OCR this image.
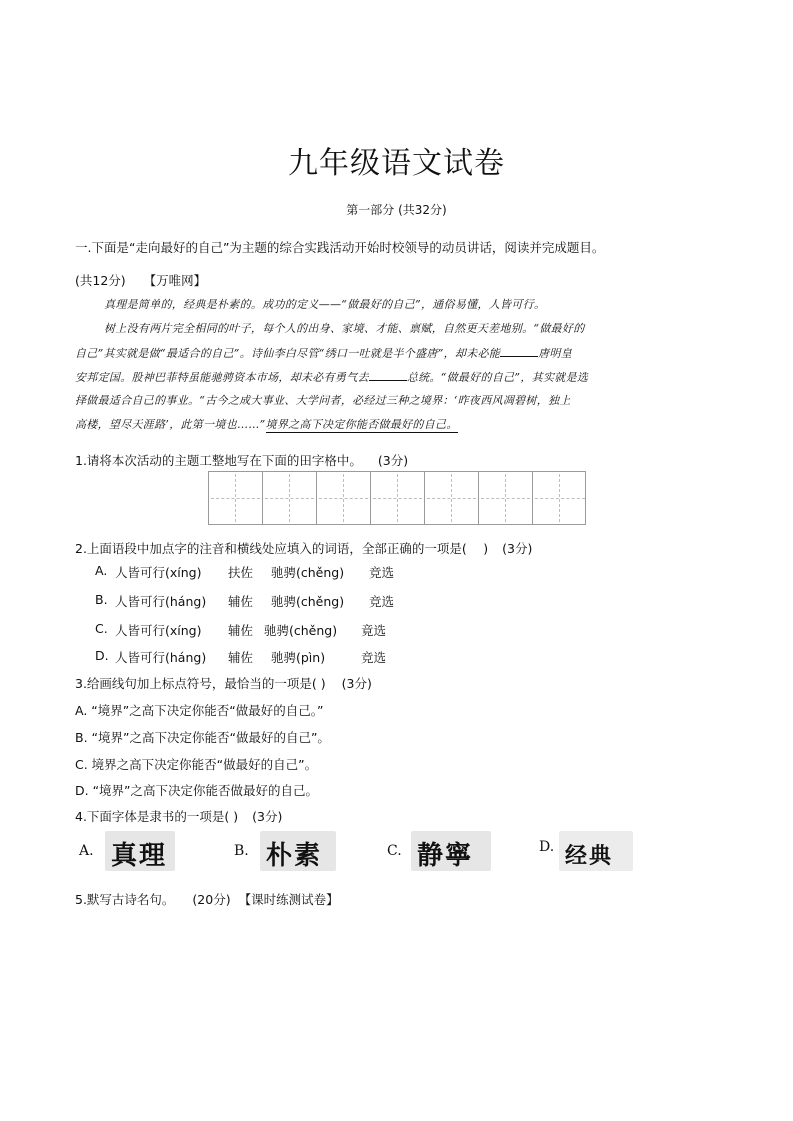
九年级语文试卷
第一部分 (共32分)
一.下面是“走向最好的自己”为主题的综合实践活动开始时校领导的动员讲话，阅读并完成题目。
(共12分) 【万唯网】
真理是简单的，经典是朴素的。成功的定义——“做最好的自己”，通俗易懂，人皆可行。
树上没有两片完全相同的叶子，每个人的出身、家境、才能、禀赋，自然更天差地别。“做最好的
自己”其实就是做“最适合的自己”。诗仙李白尽管“绣口一吐就是半个盛唐”，却未必能	唐明皇
安邦定国。股神巴菲特虽能驰骋资本市场，却未必有勇气去	总统。“做最好的自己”，其实就是选
择做最适合自己的事业。“古今之成大事业、大学问者，必经过三种之境界：‘昨夜西风凋碧树，独上
高楼，望尽天涯路’，此第一境也……”境界之高下决定你能否做最好的自己。
1.请将本次活动的主题工整地写在下面的田字格中。 (3分)
2.上面语段中加点字的注音和横线处应填入的词语，全部正确的一项是(　 ) (3分)
A. 人皆可行(xíng) 扶佐 驰骋(chěng) 竞选
B. 人皆可行(háng) 辅佐 驰骋(chěng) 竞选
C. 人皆可行(xíng) 辅佐 驰骋(chěng) 竟选
D. 人皆可行(háng) 辅佐 驰骋(pìn)	竞选
3.给画线句加上标点符号，最恰当的一项是( ) (3分)
A. “境界”之高下决定你能否“做最好的自己。”
B. “境界”之高下决定你能否“做最好的自己”。
C. 境界之高下决定你能否“做最好的自己”。
D. “境界”之高下决定你能否做最好的自己。
4.下面字体是隶书的一项是( ) (3分)
A. 真理	B. 朴素	C. 静寧	D. 经典
5.默写古诗名句。 (20分) 【课时练测试卷】
